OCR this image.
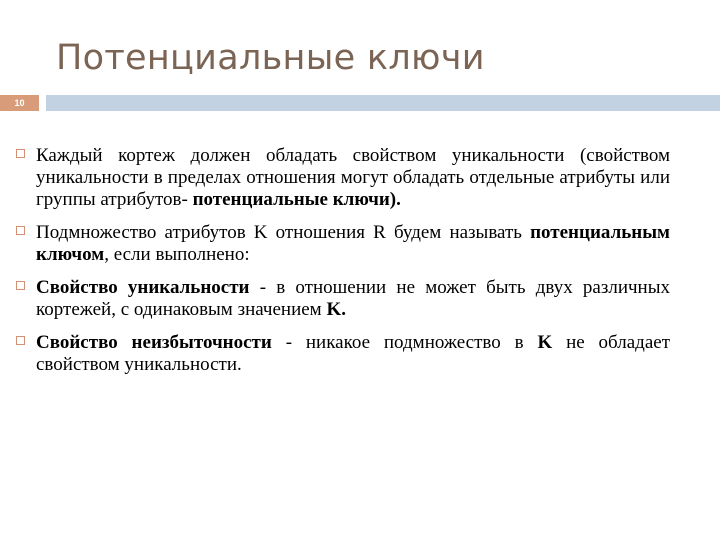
Потенциальные ключи
10
Каждый кортеж должен обладать свойством уникальности (свойством уникальности в пределах отношения могут обладать отдельные атрибуты или группы атрибутов- потенциальные ключи).
Подмножество атрибутов K отношения R будем называть потенциальным ключом, если выполнено:
Свойство уникальности - в отношении не может быть двух различных кортежей, с одинаковым значением K.
Свойство неизбыточности - никакое подмножество в K не обладает свойством уникальности.
